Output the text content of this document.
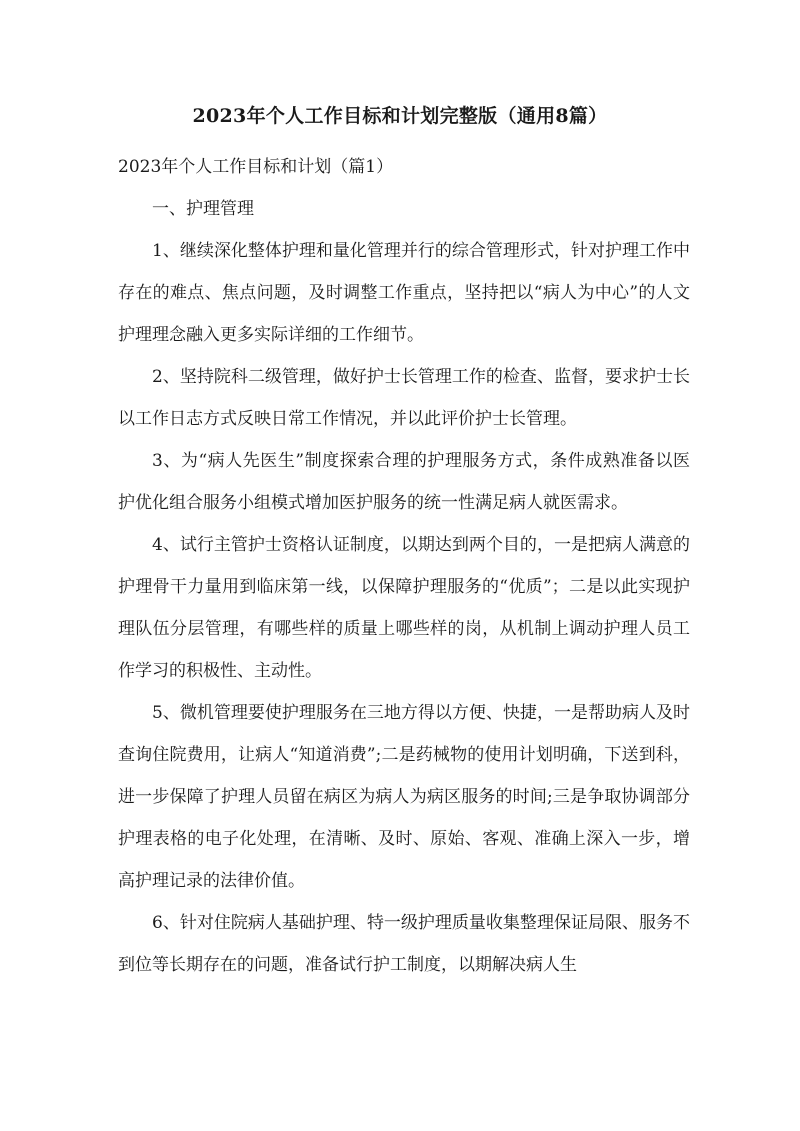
2023年个人工作目标和计划完整版（通用8篇）

2023年个人工作目标和计划（篇1）

一、护理管理

1、继续深化整体护理和量化管理并行的综合管理形式，针对护理工作中存在的难点、焦点问题，及时调整工作重点，坚持把以“病人为中心”的人文护理理念融入更多实际详细的工作细节。

2、坚持院科二级管理，做好护士长管理工作的检查、监督，要求护士长以工作日志方式反映日常工作情况，并以此评价护士长管理。

3、为“病人先医生”制度探索合理的护理服务方式，条件成熟准备以医护优化组合服务小组模式增加医护服务的统一性满足病人就医需求。

4、试行主管护士资格认证制度，以期达到两个目的，一是把病人满意的护理骨干力量用到临床第一线，以保障护理服务的“优质”；二是以此实现护理队伍分层管理，有哪些样的质量上哪些样的岗，从机制上调动护理人员工作学习的积极性、主动性。

5、微机管理要使护理服务在三地方得以方便、快捷，一是帮助病人及时查询住院费用，让病人“知道消费”;二是药械物的使用计划明确，下送到科，进一步保障了护理人员留在病区为病人为病区服务的时间;三是争取协调部分护理表格的电子化处理，在清晰、及时、原始、客观、准确上深入一步，增高护理记录的法律价值。

6、针对住院病人基础护理、特一级护理质量收集整理保证局限、服务不到位等长期存在的问题，准备试行护工制度，以期解决病人生
